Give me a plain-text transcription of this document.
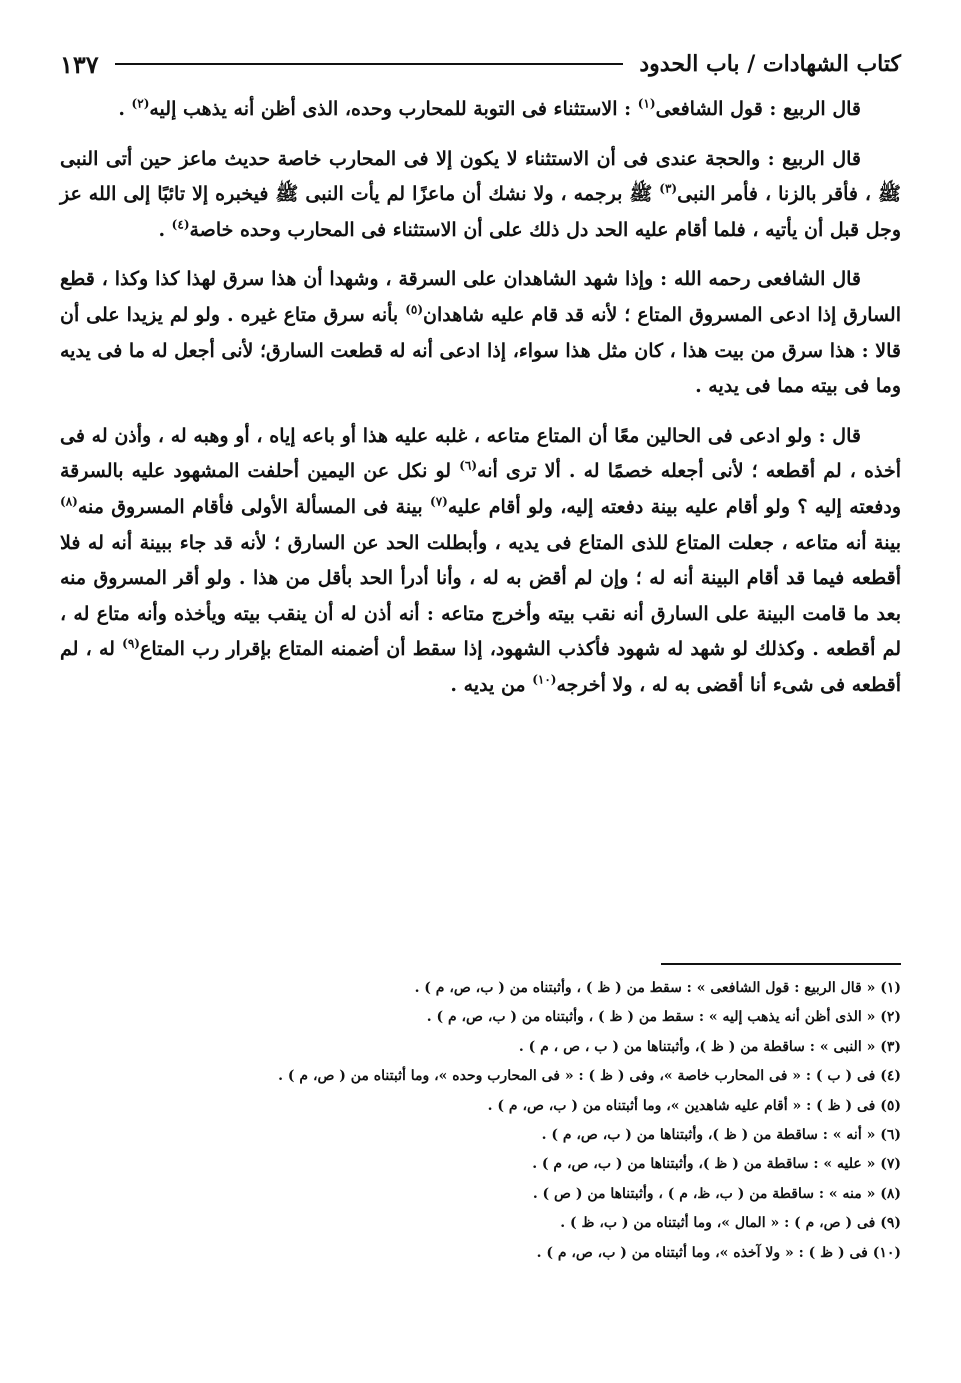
كتاب الشهادات / باب الحدود
١٣٧

قال الربيع : قول الشافعى$^{(١)}$ : الاستثناء فى التوبة للمحارب وحده، الذى أظن أنه يذهب إليه$^{(٢)}$ .

قال الربيع : والحجة عندى فى أن الاستثناء لا يكون إلا فى المحارب خاصة حديث ماعز حين أتى النبى ﷺ ، فأقر بالزنا ، فأمر النبى$^{(٣)}$ ﷺ برجمه ، ولا نشك أن ماعزًا لم يأت النبى ﷺ فيخبره إلا تائبًا إلى الله عز وجل قبل أن يأتيه ، فلما أقام عليه الحد دل ذلك على أن الاستثناء فى المحارب وحده خاصة$^{(٤)}$ .

قال الشافعى رحمه الله : وإذا شهد الشاهدان على السرقة ، وشهدا أن هذا سرق لهذا كذا وكذا ، قطع السارق إذا ادعى المسروق المتاع ؛ لأنه قد قام عليه شاهدان$^{(٥)}$ بأنه سرق متاع غيره . ولو لم يزيدا على أن قالا : هذا سرق من بيت هذا ، كان مثل هذا سواء، إذا ادعى أنه له قطعت السارق؛ لأنى أجعل له ما فى يديه وما فى بيته مما فى يديه .

قال : ولو ادعى فى الحالين معًا أن المتاع متاعه ، غلبه عليه هذا أو باعه إياه ، أو وهبه له ، وأذن له فى أخذه ، لم أقطعه ؛ لأنى أجعله خصمًا له . ألا ترى أنه$^{(٦)}$ لو نكل عن اليمين أحلفت المشهود عليه بالسرقة ودفعته إليه ؟ ولو أقام عليه بينة دفعته إليه، ولو أقام عليه$^{(٧)}$ بينة فى المسألة الأولى فأقام المسروق منه$^{(٨)}$ بينة أنه متاعه ، جعلت المتاع للذى المتاع فى يديه ، وأبطلت الحد عن السارق ؛ لأنه قد جاء ببينة أنه له فلا أقطعه فيما قد أقام البينة أنه له ؛ وإن لم أقض به له ، وأنا أدرأ الحد بأقل من هذا . ولو أقر المسروق منه بعد ما قامت البينة على السارق أنه نقب بيته وأخرج متاعه : أنه أذن له أن ينقب بيته ويأخذه وأنه متاع له ، لم أقطعه . وكذلك لو شهد له شهود فأكذب الشهود، إذا سقط أن أضمنه المتاع بإقرار رب المتاع$^{(٩)}$ له ، لم أقطعه فى شىء أنا أقضى به له ، ولا أخرجه$^{(١٠)}$ من يديه .

(١) « قال الربيع : قول الشافعى » : سقط من ( ظ ) ، وأثبتناه من ( ب، ص، م ) .
(٢) « الذى أظن أنه يذهب إليه » : سقط من ( ظ ) ، وأثبتناه من ( ب، ص، م ) .
(٣) « النبى » : ساقطة من ( ظ )، وأثبتناها من ( ب ، ص ، م ) .
(٤) فى ( ب ) : « فى المحارب خاصة »، وفى ( ظ ) : « فى المحارب وحده »، وما أثبتناه من ( ص، م ) .
(٥) فى ( ظ ) : « أقام عليه شاهدين »، وما أثبتناه من ( ب، ص، م ) .
(٦) « أنه » : ساقطة من ( ظ )، وأثبتناها من ( ب، ص، م ) .
(٧) « عليه » : ساقطة من ( ظ )، وأثبتناها من ( ب، ص، م ) .
(٨) « منه » : ساقطة من ( ب، ظ، م ) ، وأثبتناها من ( ص ) .
(٩) فى ( ص، م ) : « المال »، وما أثبتناه من ( ب، ظ ) .
(١٠) فى ( ظ ) : « ولا آخذه »، وما أثبتناه من ( ب، ص، م ) .
